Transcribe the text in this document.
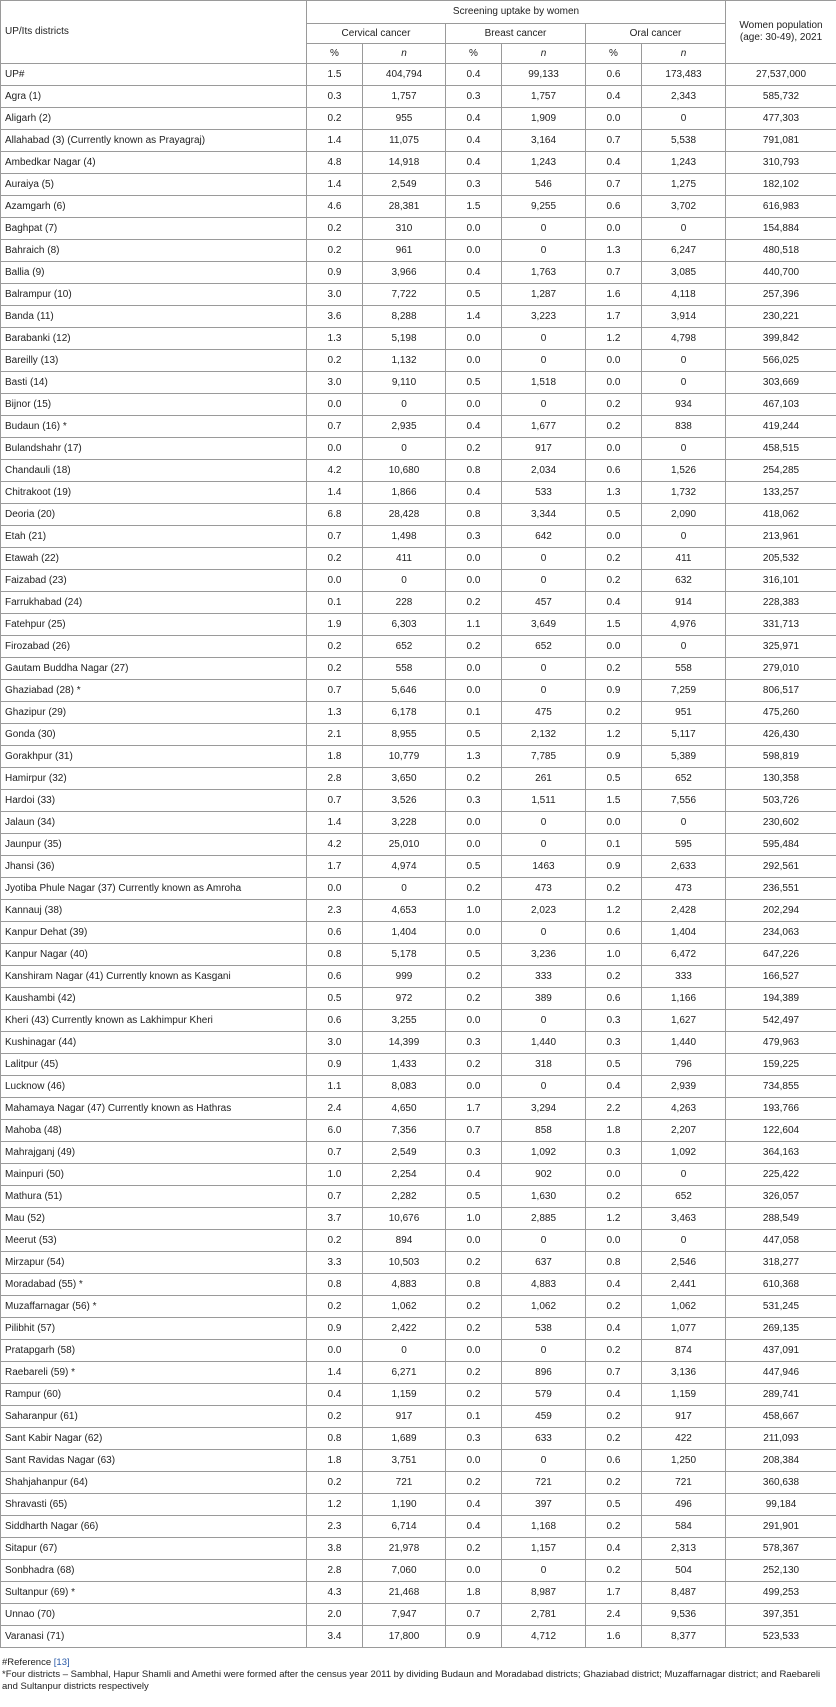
UP/Its districts	Screening uptake by women						Women population (age: 30-49), 2021
	Cervical cancer		Breast cancer		Oral cancer		
	%	n	%	n	%	n	
UP#	1.5	404,794	0.4	99,133	0.6	173,483	27,537,000
Agra (1)	0.3	1,757	0.3	1,757	0.4	2,343	585,732
Aligarh (2)	0.2	955	0.4	1,909	0.0	0	477,303
Allahabad (3) (Currently known as Prayagraj)	1.4	11,075	0.4	3,164	0.7	5,538	791,081
Ambedkar Nagar (4)	4.8	14,918	0.4	1,243	0.4	1,243	310,793
Auraiya (5)	1.4	2,549	0.3	546	0.7	1,275	182,102
Azamgarh (6)	4.6	28,381	1.5	9,255	0.6	3,702	616,983
Baghpat (7)	0.2	310	0.0	0	0.0	0	154,884
Bahraich (8)	0.2	961	0.0	0	1.3	6,247	480,518
Ballia (9)	0.9	3,966	0.4	1,763	0.7	3,085	440,700
Balrampur (10)	3.0	7,722	0.5	1,287	1.6	4,118	257,396
Banda (11)	3.6	8,288	1.4	3,223	1.7	3,914	230,221
Barabanki (12)	1.3	5,198	0.0	0	1.2	4,798	399,842
Bareilly (13)	0.2	1,132	0.0	0	0.0	0	566,025
Basti (14)	3.0	9,110	0.5	1,518	0.0	0	303,669
Bijnor (15)	0.0	0	0.0	0	0.2	934	467,103
Budaun (16) *	0.7	2,935	0.4	1,677	0.2	838	419,244
Bulandshahr (17)	0.0	0	0.2	917	0.0	0	458,515
Chandauli (18)	4.2	10,680	0.8	2,034	0.6	1,526	254,285
Chitrakoot (19)	1.4	1,866	0.4	533	1.3	1,732	133,257
Deoria (20)	6.8	28,428	0.8	3,344	0.5	2,090	418,062
Etah (21)	0.7	1,498	0.3	642	0.0	0	213,961
Etawah (22)	0.2	411	0.0	0	0.2	411	205,532
Faizabad (23)	0.0	0	0.0	0	0.2	632	316,101
Farrukhabad (24)	0.1	228	0.2	457	0.4	914	228,383
Fatehpur (25)	1.9	6,303	1.1	3,649	1.5	4,976	331,713
Firozabad (26)	0.2	652	0.2	652	0.0	0	325,971
Gautam Buddha Nagar (27)	0.2	558	0.0	0	0.2	558	279,010
Ghaziabad (28) *	0.7	5,646	0.0	0	0.9	7,259	806,517
Ghazipur (29)	1.3	6,178	0.1	475	0.2	951	475,260
Gonda (30)	2.1	8,955	0.5	2,132	1.2	5,117	426,430
Gorakhpur (31)	1.8	10,779	1.3	7,785	0.9	5,389	598,819
Hamirpur (32)	2.8	3,650	0.2	261	0.5	652	130,358
Hardoi (33)	0.7	3,526	0.3	1,511	1.5	7,556	503,726
Jalaun (34)	1.4	3,228	0.0	0	0.0	0	230,602
Jaunpur (35)	4.2	25,010	0.0	0	0.1	595	595,484
Jhansi (36)	1.7	4,974	0.5	1463	0.9	2,633	292,561
Jyotiba Phule Nagar (37) Currently known as Amroha	0.0	0	0.2	473	0.2	473	236,551
Kannauj (38)	2.3	4,653	1.0	2,023	1.2	2,428	202,294
Kanpur Dehat (39)	0.6	1,404	0.0	0	0.6	1,404	234,063
Kanpur Nagar (40)	0.8	5,178	0.5	3,236	1.0	6,472	647,226
Kanshiram Nagar (41) Currently known as Kasgani	0.6	999	0.2	333	0.2	333	166,527
Kaushambi (42)	0.5	972	0.2	389	0.6	1,166	194,389
Kheri (43) Currently known as Lakhimpur Kheri	0.6	3,255	0.0	0	0.3	1,627	542,497
Kushinagar (44)	3.0	14,399	0.3	1,440	0.3	1,440	479,963
Lalitpur (45)	0.9	1,433	0.2	318	0.5	796	159,225
Lucknow (46)	1.1	8,083	0.0	0	0.4	2,939	734,855
Mahamaya Nagar (47) Currently known as Hathras	2.4	4,650	1.7	3,294	2.2	4,263	193,766
Mahoba (48)	6.0	7,356	0.7	858	1.8	2,207	122,604
Mahrajganj (49)	0.7	2,549	0.3	1,092	0.3	1,092	364,163
Mainpuri (50)	1.0	2,254	0.4	902	0.0	0	225,422
Mathura (51)	0.7	2,282	0.5	1,630	0.2	652	326,057
Mau (52)	3.7	10,676	1.0	2,885	1.2	3,463	288,549
Meerut (53)	0.2	894	0.0	0	0.0	0	447,058
Mirzapur (54)	3.3	10,503	0.2	637	0.8	2,546	318,277
Moradabad (55) *	0.8	4,883	0.8	4,883	0.4	2,441	610,368
Muzaffarnagar (56) *	0.2	1,062	0.2	1,062	0.2	1,062	531,245
Pilibhit (57)	0.9	2,422	0.2	538	0.4	1,077	269,135
Pratapgarh (58)	0.0	0	0.0	0	0.2	874	437,091
Raebareli (59) *	1.4	6,271	0.2	896	0.7	3,136	447,946
Rampur (60)	0.4	1,159	0.2	579	0.4	1,159	289,741
Saharanpur (61)	0.2	917	0.1	459	0.2	917	458,667
Sant Kabir Nagar (62)	0.8	1,689	0.3	633	0.2	422	211,093
Sant Ravidas Nagar (63)	1.8	3,751	0.0	0	0.6	1,250	208,384
Shahjahanpur (64)	0.2	721	0.2	721	0.2	721	360,638
Shravasti (65)	1.2	1,190	0.4	397	0.5	496	99,184
Siddharth Nagar (66)	2.3	6,714	0.4	1,168	0.2	584	291,901
Sitapur (67)	3.8	21,978	0.2	1,157	0.4	2,313	578,367
Sonbhadra (68)	2.8	7,060	0.0	0	0.2	504	252,130
Sultanpur (69) *	4.3	21,468	1.8	8,987	1.7	8,487	499,253
Unnao (70)	2.0	7,947	0.7	2,781	2.4	9,536	397,351
Varanasi (71)	3.4	17,800	0.9	4,712	1.6	8,377	523,533

#Reference [13]

*Four districts – Sambhal, Hapur Shamli and Amethi were formed after the census year 2011 by dividing Budaun and Moradabad districts; Ghaziabad district; Muzaffarnagar district; and Raebareli and Sultanpur districts respectively
